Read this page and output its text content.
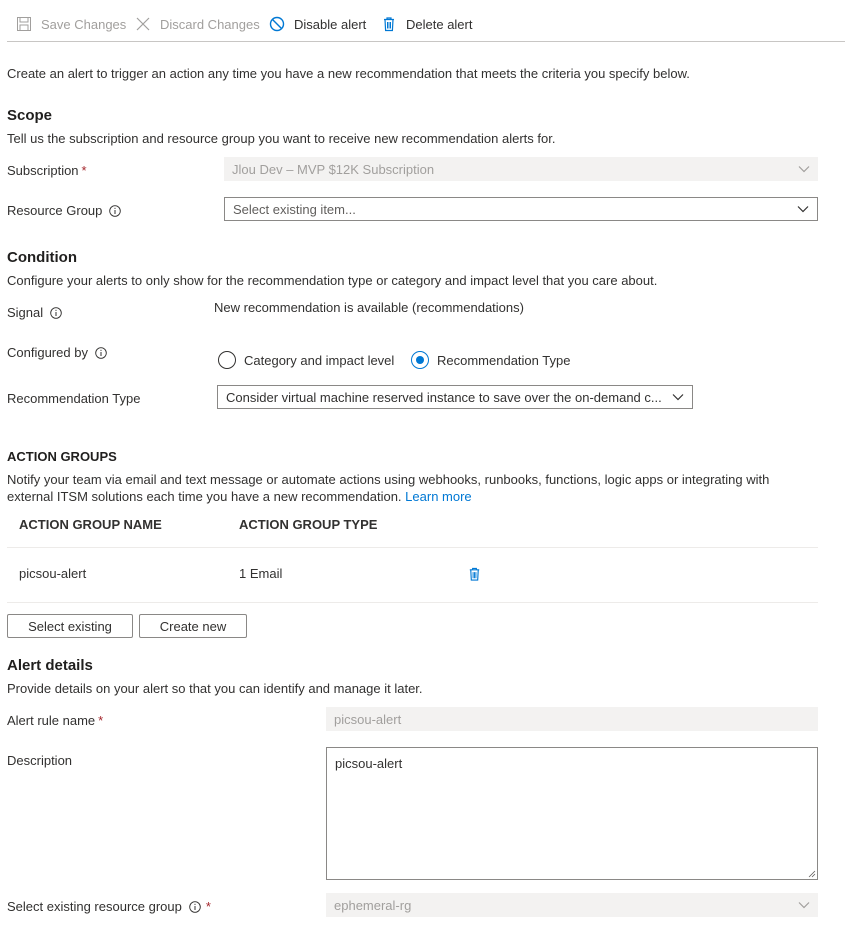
Save Changes	Discard Changes	Disable alert	Delete alert
Create an alert to trigger an action any time you have a new recommendation that meets the criteria you specify below.
Scope
Tell us the subscription and resource group you want to receive new recommendation alerts for.
Subscription *	Jlou Dev – MVP $12K Subscription
Resource Group	Select existing item...
Condition
Configure your alerts to only show for the recommendation type or category and impact level that you care about.
Signal	New recommendation is available (recommendations)
Configured by	Category and impact level	Recommendation Type
Recommendation Type	Consider virtual machine reserved instance to save over the on-demand c...
ACTION GROUPS
Notify your team via email and text message or automate actions using webhooks, runbooks, functions, logic apps or integrating with
external ITSM solutions each time you have a new recommendation. Learn more
ACTION GROUP NAME	ACTION GROUP TYPE
picsou-alert	1 Email
Select existing	Create new
Alert details
Provide details on your alert so that you can identify and manage it later.
Alert rule name *	picsou-alert
Description	picsou-alert
Select existing resource group *	ephemeral-rg
